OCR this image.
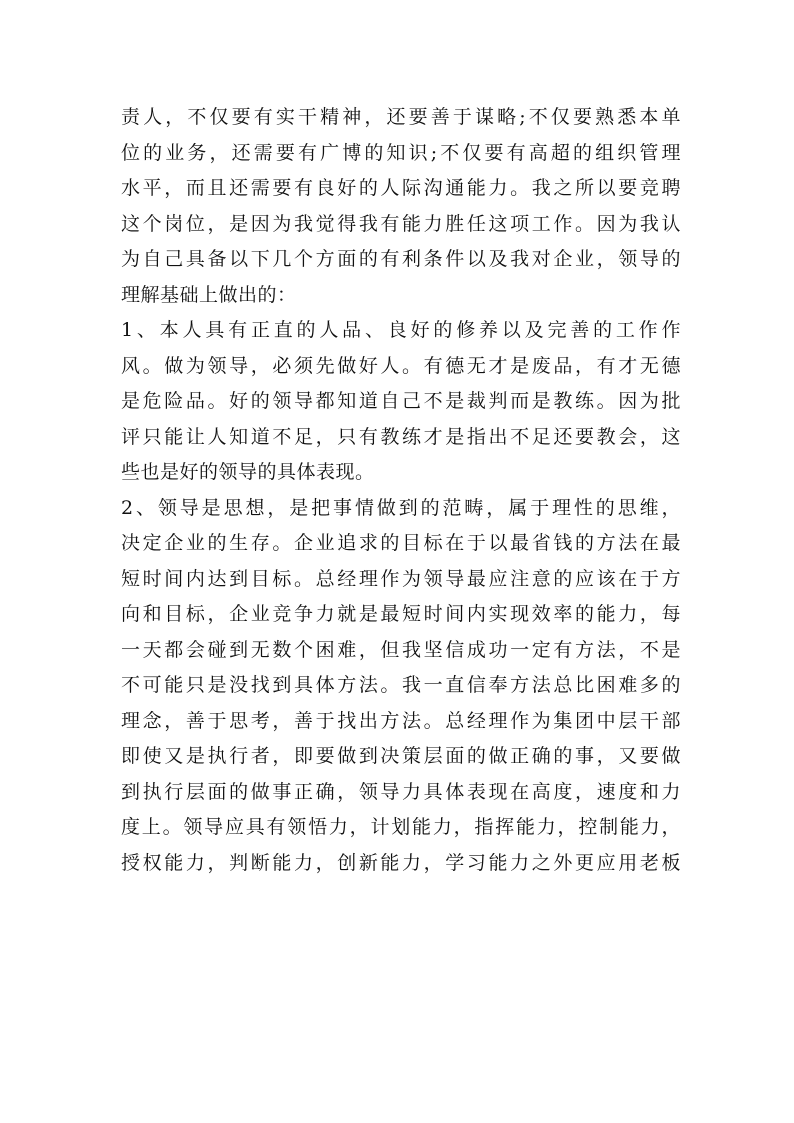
责人，不仅要有实干精神，还要善于谋略;不仅要熟悉本单
位的业务，还需要有广博的知识;不仅要有高超的组织管理
水平，而且还需要有良好的人际沟通能力。我之所以要竞聘
这个岗位，是因为我觉得我有能力胜任这项工作。因为我认
为自己具备以下几个方面的有利条件以及我对企业，领导的
理解基础上做出的：
1、本人具有正直的人品、良好的修养以及完善的工作作
风。做为领导，必须先做好人。有德无才是废品，有才无德
是危险品。好的领导都知道自己不是裁判而是教练。因为批
评只能让人知道不足，只有教练才是指出不足还要教会，这
些也是好的领导的具体表现。
2、领导是思想，是把事情做到的范畴，属于理性的思维，
决定企业的生存。企业追求的目标在于以最省钱的方法在最
短时间内达到目标。总经理作为领导最应注意的应该在于方
向和目标，企业竞争力就是最短时间内实现效率的能力，每
一天都会碰到无数个困难，但我坚信成功一定有方法，不是
不可能只是没找到具体方法。我一直信奉方法总比困难多的
理念，善于思考，善于找出方法。总经理作为集团中层干部
即使又是执行者，即要做到决策层面的做正确的事，又要做
到执行层面的做事正确，领导力具体表现在高度，速度和力
度上。领导应具有领悟力，计划能力，指挥能力，控制能力，
授权能力，判断能力，创新能力，学习能力之外更应用老板
